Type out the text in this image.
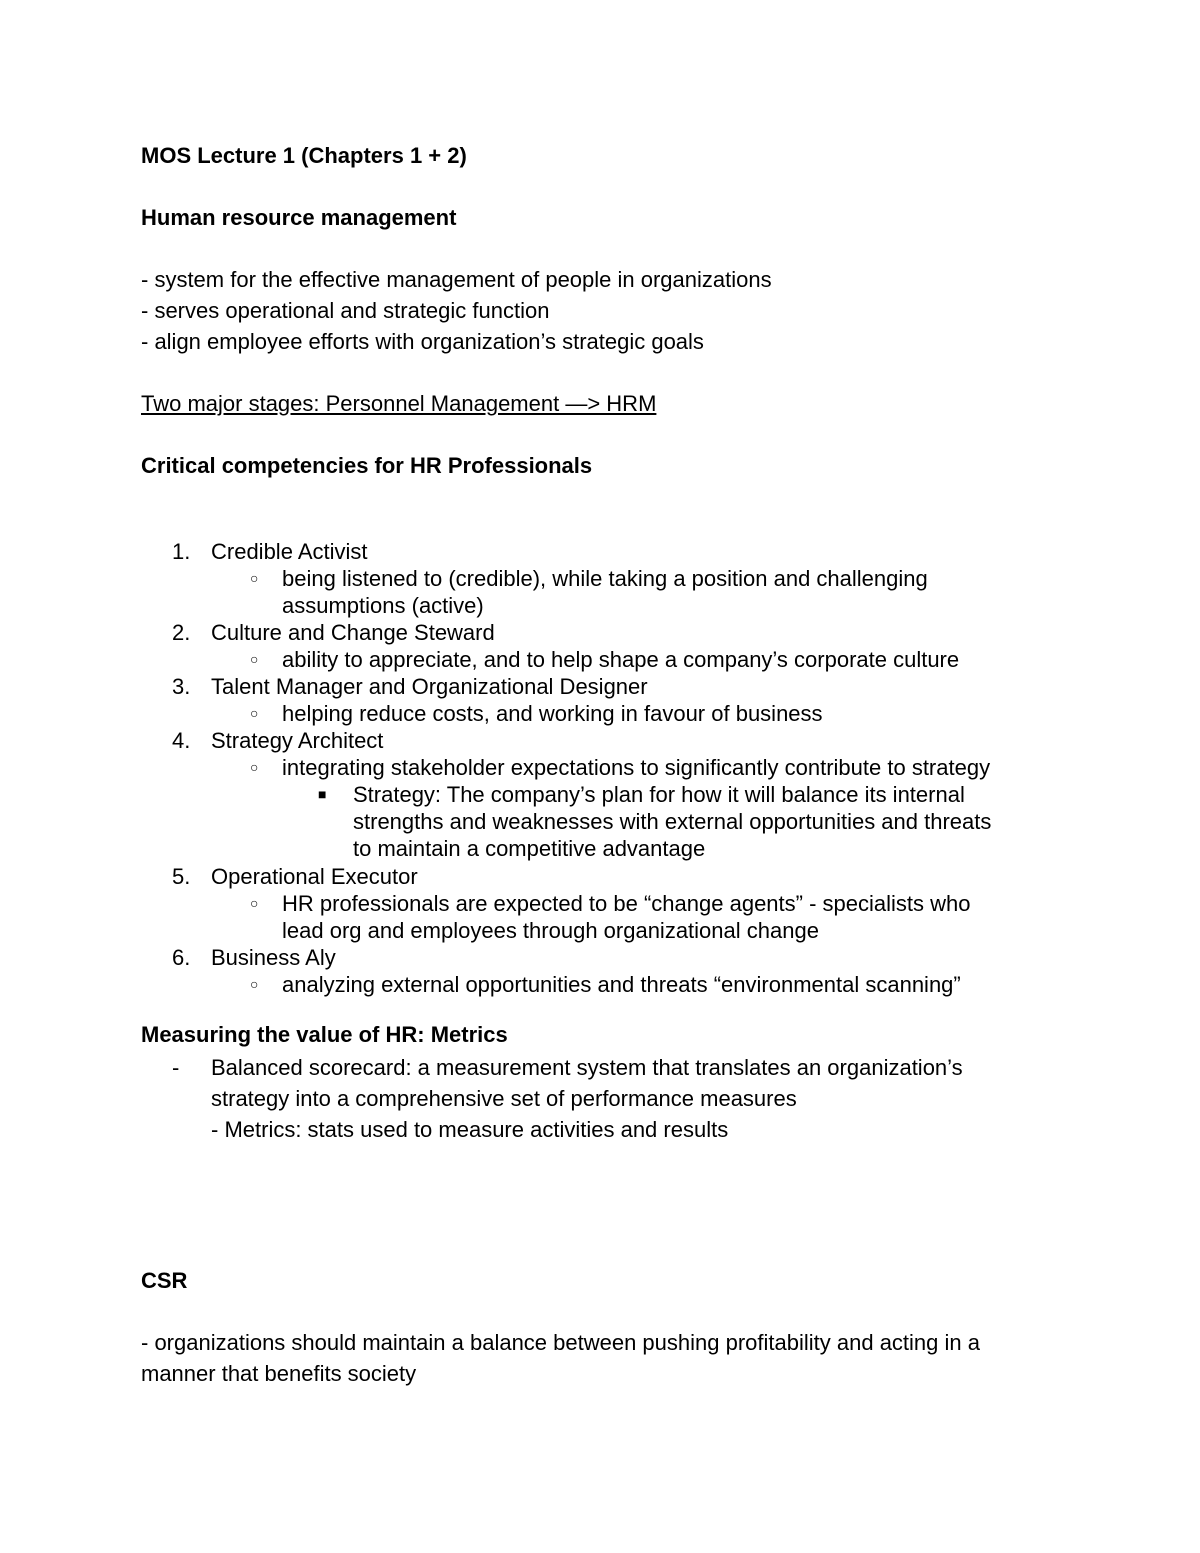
MOS Lecture 1 (Chapters 1 + 2)
Human resource management
- system for the effective management of people in organizations
- serves operational and strategic function
- align employee efforts with organization’s strategic goals
Two major stages: Personnel Management —> HRM
Critical competencies for HR Professionals
1. Credible Activist
○ being listened to (credible), while taking a position and challenging
assumptions (active)
2. Culture and Change Steward
○ ability to appreciate, and to help shape a company’s corporate culture
3. Talent Manager and Organizational Designer
○ helping reduce costs, and working in favour of business
4. Strategy Architect
○ integrating stakeholder expectations to significantly contribute to strategy
■ Strategy: The company’s plan for how it will balance its internal
strengths and weaknesses with external opportunities and threats
to maintain a competitive advantage
5. Operational Executor
○ HR professionals are expected to be “change agents” - specialists who
lead org and employees through organizational change
6. Business Aly
○ analyzing external opportunities and threats “environmental scanning”
Measuring the value of HR: Metrics
- Balanced scorecard: a measurement system that translates an organization’s
strategy into a comprehensive set of performance measures
- Metrics: stats used to measure activities and results
CSR
- organizations should maintain a balance between pushing profitability and acting in a
manner that benefits society
